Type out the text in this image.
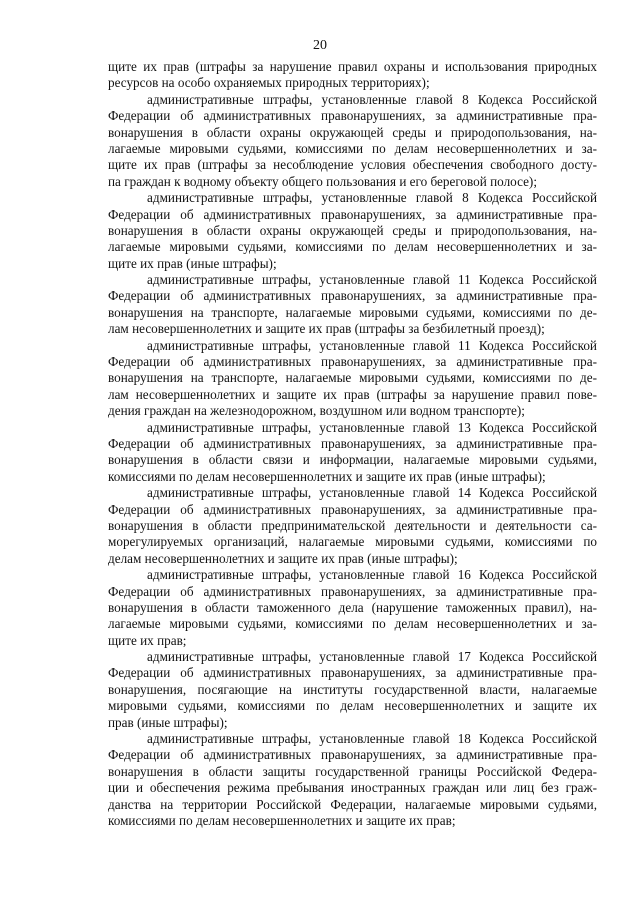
20
щите их прав (штрафы за нарушение правил охраны и использования природных
ресурсов на особо охраняемых природных территориях);
административные штрафы, установленные главой 8 Кодекса Российской
Федерации об административных правонарушениях, за административные пра-
вонарушения в области охраны окружающей среды и природопользования, на-
лагаемые мировыми судьями, комиссиями по делам несовершеннолетних и за-
щите их прав (штрафы за несоблюдение условия обеспечения свободного досту-
па граждан к водному объекту общего пользования и его береговой полосе);
административные штрафы, установленные главой 8 Кодекса Российской
Федерации об административных правонарушениях, за административные пра-
вонарушения в области охраны окружающей среды и природопользования, на-
лагаемые мировыми судьями, комиссиями по делам несовершеннолетних и за-
щите их прав (иные штрафы);
административные штрафы, установленные главой 11 Кодекса Российской
Федерации об административных правонарушениях, за административные пра-
вонарушения на транспорте, налагаемые мировыми судьями, комиссиями по де-
лам несовершеннолетних и защите их прав (штрафы за безбилетный проезд);
административные штрафы, установленные главой 11 Кодекса Российской
Федерации об административных правонарушениях, за административные пра-
вонарушения на транспорте, налагаемые мировыми судьями, комиссиями по де-
лам несовершеннолетних и защите их прав (штрафы за нарушение правил пове-
дения граждан на железнодорожном, воздушном или водном транспорте);
административные штрафы, установленные главой 13 Кодекса Российской
Федерации об административных правонарушениях, за административные пра-
вонарушения в области связи и информации, налагаемые мировыми судьями,
комиссиями по делам несовершеннолетних и защите их прав (иные штрафы);
административные штрафы, установленные главой 14 Кодекса Российской
Федерации об административных правонарушениях, за административные пра-
вонарушения в области предпринимательской деятельности и деятельности са-
морегулируемых организаций, налагаемые мировыми судьями, комиссиями по
делам несовершеннолетних и защите их прав (иные штрафы);
административные штрафы, установленные главой 16 Кодекса Российской
Федерации об административных правонарушениях, за административные пра-
вонарушения в области таможенного дела (нарушение таможенных правил), на-
лагаемые мировыми судьями, комиссиями по делам несовершеннолетних и за-
щите их прав;
административные штрафы, установленные главой 17 Кодекса Российской
Федерации об административных правонарушениях, за административные пра-
вонарушения, посягающие на институты государственной власти, налагаемые
мировыми судьями, комиссиями по делам несовершеннолетних и защите их
прав (иные штрафы);
административные штрафы, установленные главой 18 Кодекса Российской
Федерации об административных правонарушениях, за административные пра-
вонарушения в области защиты государственной границы Российской Федера-
ции и обеспечения режима пребывания иностранных граждан или лиц без граж-
данства на территории Российской Федерации, налагаемые мировыми судьями,
комиссиями по делам несовершеннолетних и защите их прав;
